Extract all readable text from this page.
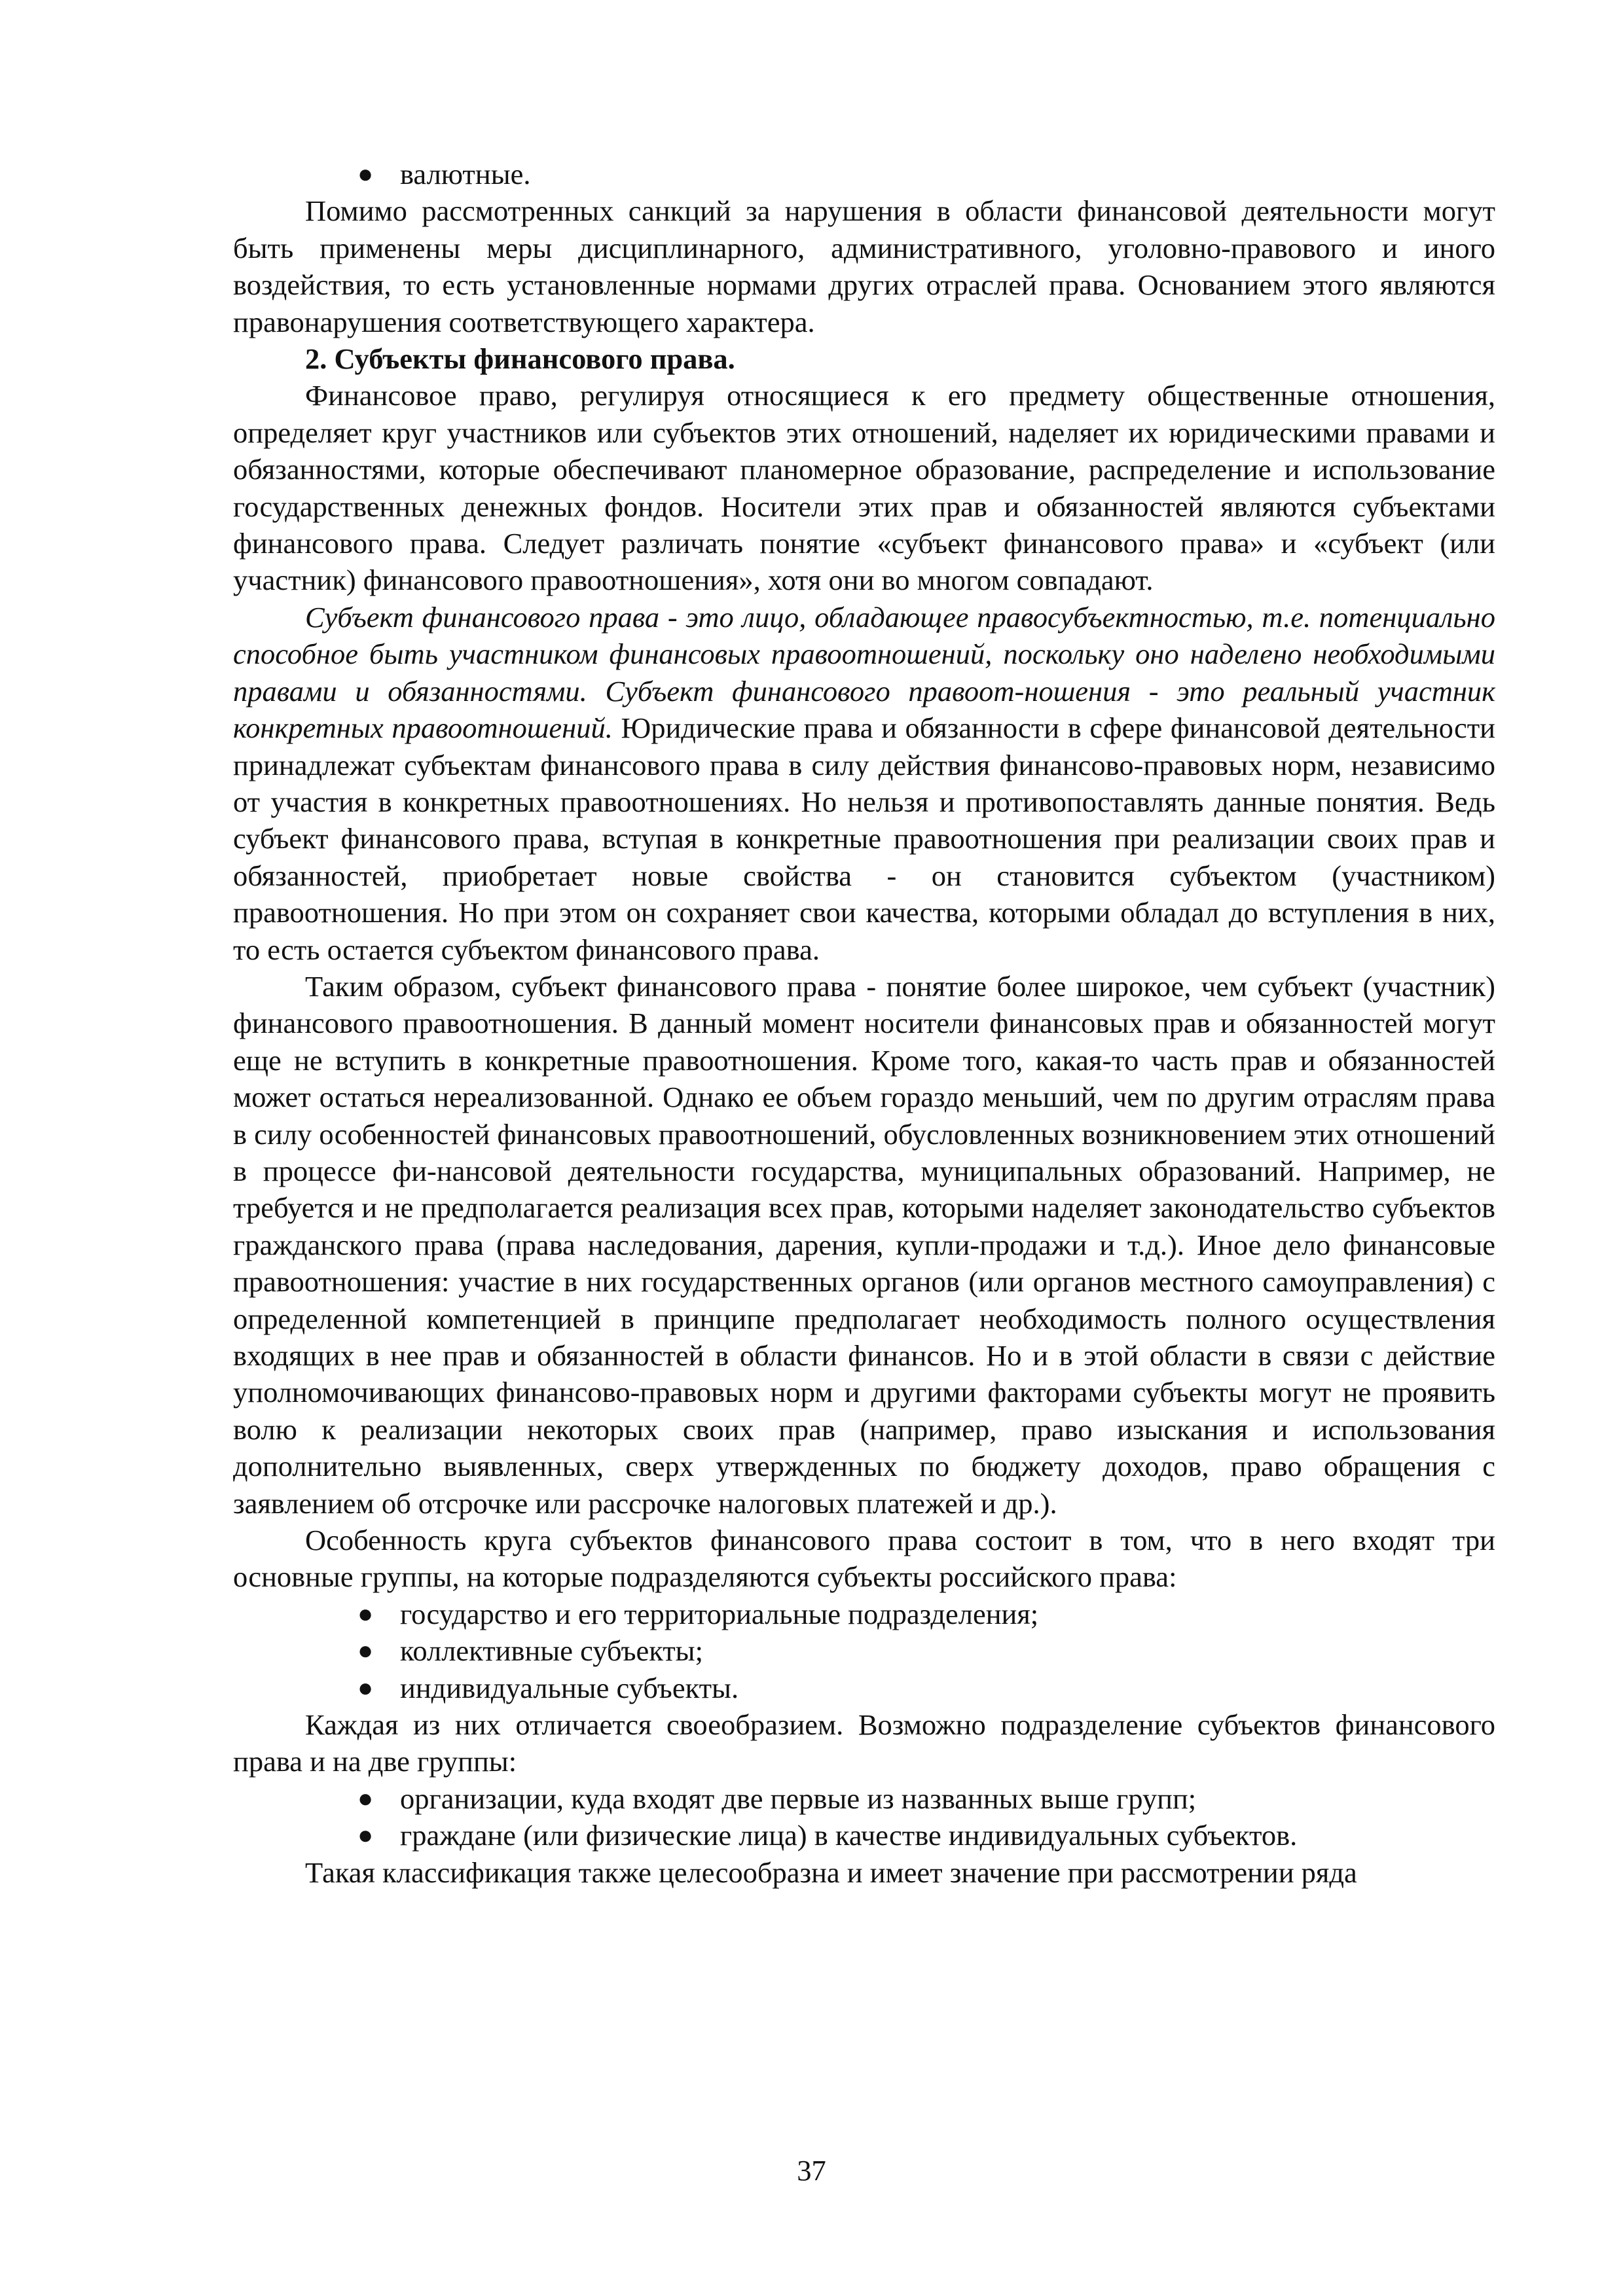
● валютные.

Помимо рассмотренных санкций за нарушения в области финансовой деятельности могут быть применены меры дисциплинарного, административного, уголовно-правового и иного воздействия, то есть установленные нормами других отраслей права. Основанием этого являются правонарушения соответствующего характера.

2. Субъекты финансового права.

Финансовое право, регулируя относящиеся к его предмету общественные отношения, определяет круг участников или субъектов этих отношений, наделяет их юридическими правами и обязанностями, которые обеспечивают планомерное образование, распределение и использование государственных денежных фондов. Носители этих прав и обязанностей являются субъектами финансового права. Следует различать понятие «субъект финансового права» и «субъект (или участник) финансового правоотношения», хотя они во многом совпадают.

Субъект финансового права - это лицо, обладающее правосубъектностью, т.е. потенциально способное быть участником финансовых правоотношений, поскольку оно наделено необходимыми правами и обязанностями. Субъект финансового правоот-ношения - это реальный участник конкретных правоотношений. Юридические права и обязанности в сфере финансовой деятельности принадлежат субъектам финансового права в силу действия финансово-правовых норм, независимо от участия в конкретных правоотношениях. Но нельзя и противопоставлять данные понятия. Ведь субъект финансового права, вступая в конкретные правоотношения при реализации своих прав и обязанностей, приобретает новые свойства - он становится субъектом (участником) правоотношения. Но при этом он сохраняет свои качества, которыми обладал до вступления в них, то есть остается субъектом финансового права.

Таким образом, субъект финансового права - понятие более широкое, чем субъект (участник) финансового правоотношения. В данный момент носители финансовых прав и обязанностей могут еще не вступить в конкретные правоотношения. Кроме того, какая-то часть прав и обязанностей может остаться нереализованной. Однако ее объем гораздо меньший, чем по другим отраслям права в силу особенностей финансовых правоотношений, обусловленных возникновением этих отношений в процессе фи-нансовой деятельности государства, муниципальных образований. Например, не требуется и не предполагается реализация всех прав, которыми наделяет законодательство субъектов гражданского права (права наследования, дарения, купли-продажи и т.д.). Иное дело финансовые правоотношения: участие в них государственных органов (или органов местного самоуправления) с определенной компетенцией в принципе предполагает необходимость полного осуществления входящих в нее прав и обязанностей в области финансов. Но и в этой области в связи с действие уполномочивающих финансово-правовых норм и другими факторами субъекты могут не проявить волю к реализации некоторых своих прав (например, право изыскания и использования дополнительно выявленных, сверх утвержденных по бюджету доходов, право обращения с заявлением об отсрочке или рассрочке налоговых платежей и др.).

Особенность круга субъектов финансового права состоит в том, что в него входят три основные группы, на которые подразделяются субъекты российского права:

● государство и его территориальные подразделения;
● коллективные субъекты;
● индивидуальные субъекты.

Каждая из них отличается своеобразием. Возможно подразделение субъектов финансового права и на две группы:

● организации, куда входят две первые из названных выше групп;
● граждане (или физические лица) в качестве индивидуальных субъектов.

Такая классификация также целесообразна и имеет значение при рассмотрении ряда

37
